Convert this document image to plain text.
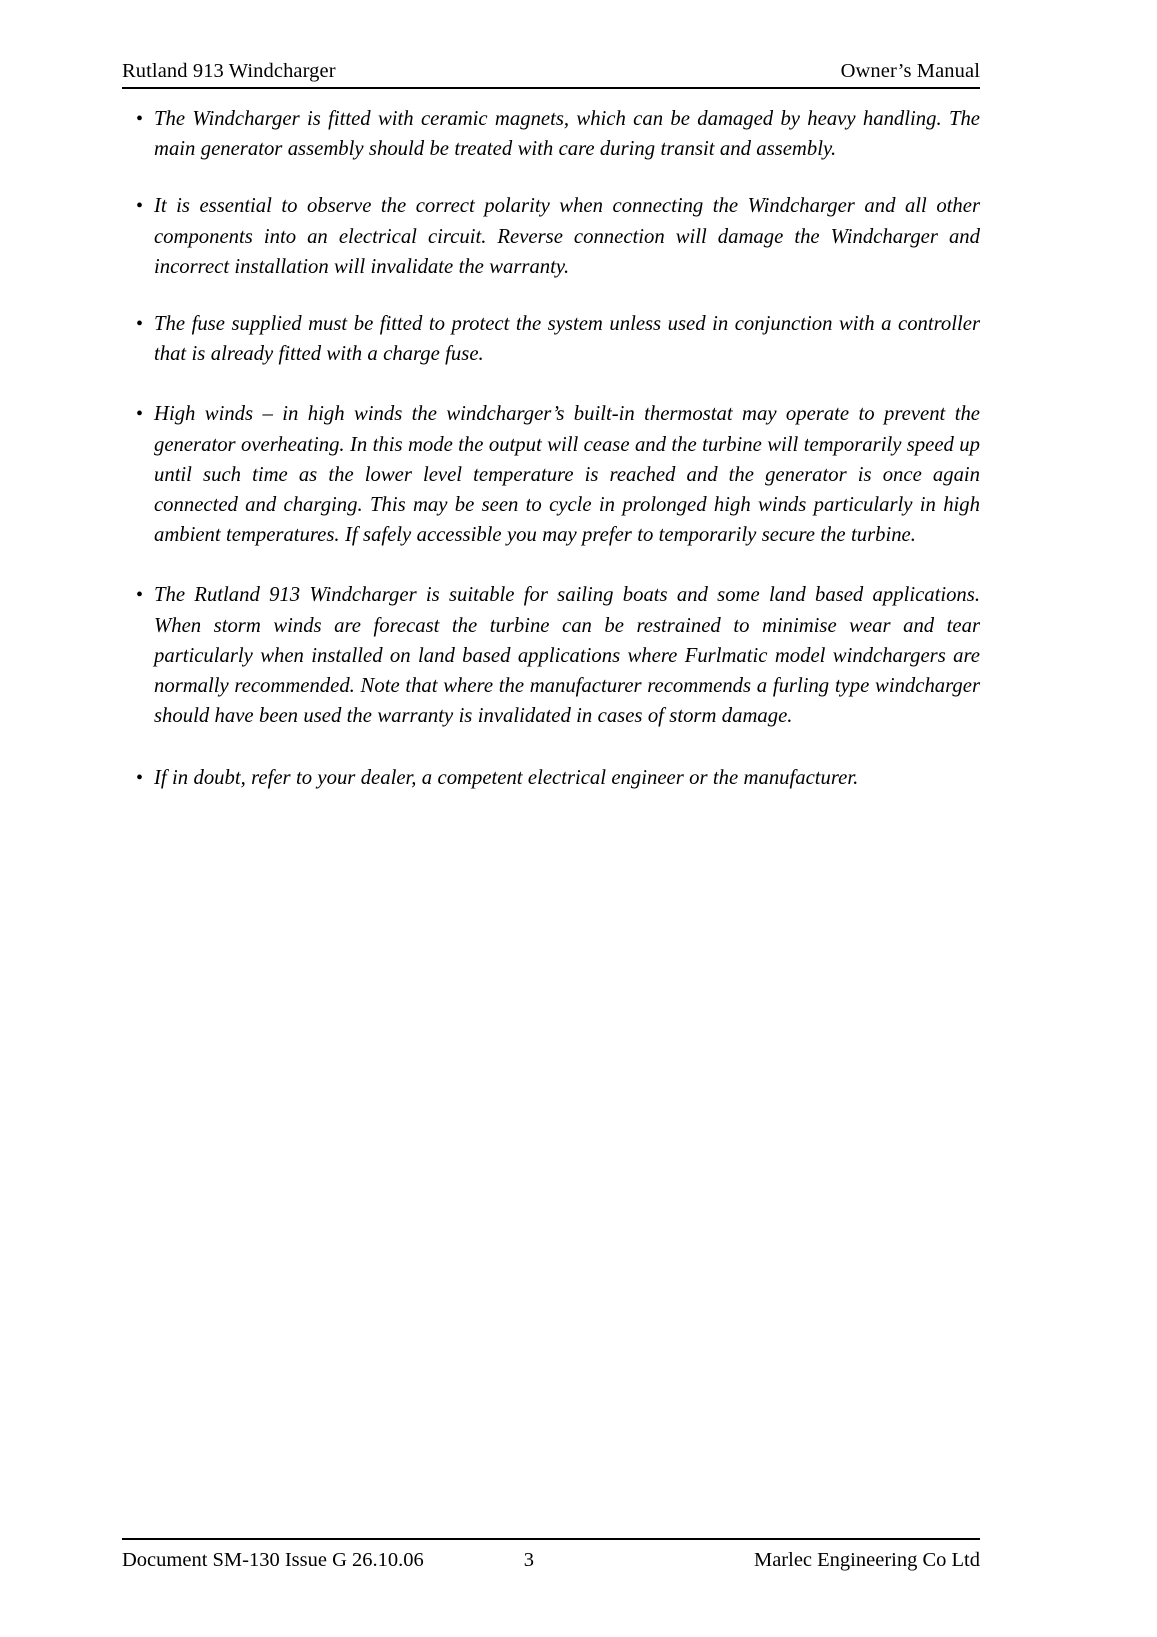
Rutland 913 Windcharger	Owner’s Manual
• The Windcharger is fitted with ceramic magnets, which can be damaged by heavy handling. The main generator assembly should be treated with care during transit and assembly.
• It is essential to observe the correct polarity when connecting the Windcharger and all other components into an electrical circuit. Reverse connection will damage the Windcharger and incorrect installation will invalidate the warranty.
• The fuse supplied must be fitted to protect the system unless used in conjunction with a controller that is already fitted with a charge fuse.
• High winds – in high winds the windcharger’s built-in thermostat may operate to prevent the generator overheating. In this mode the output will cease and the turbine will temporarily speed up until such time as the lower level temperature is reached and the generator is once again connected and charging. This may be seen to cycle in prolonged high winds particularly in high ambient temperatures. If safely accessible you may prefer to temporarily secure the turbine.
• The Rutland 913 Windcharger is suitable for sailing boats and some land based applications. When storm winds are forecast the turbine can be restrained to minimise wear and tear particularly when installed on land based applications where Furlmatic model windchargers are normally recommended. Note that where the manufacturer recommends a furling type windcharger should have been used the warranty is invalidated in cases of storm damage.
• If in doubt, refer to your dealer, a competent electrical engineer or the manufacturer.
Document SM-130 Issue G 26.10.06	3	Marlec Engineering Co Ltd
